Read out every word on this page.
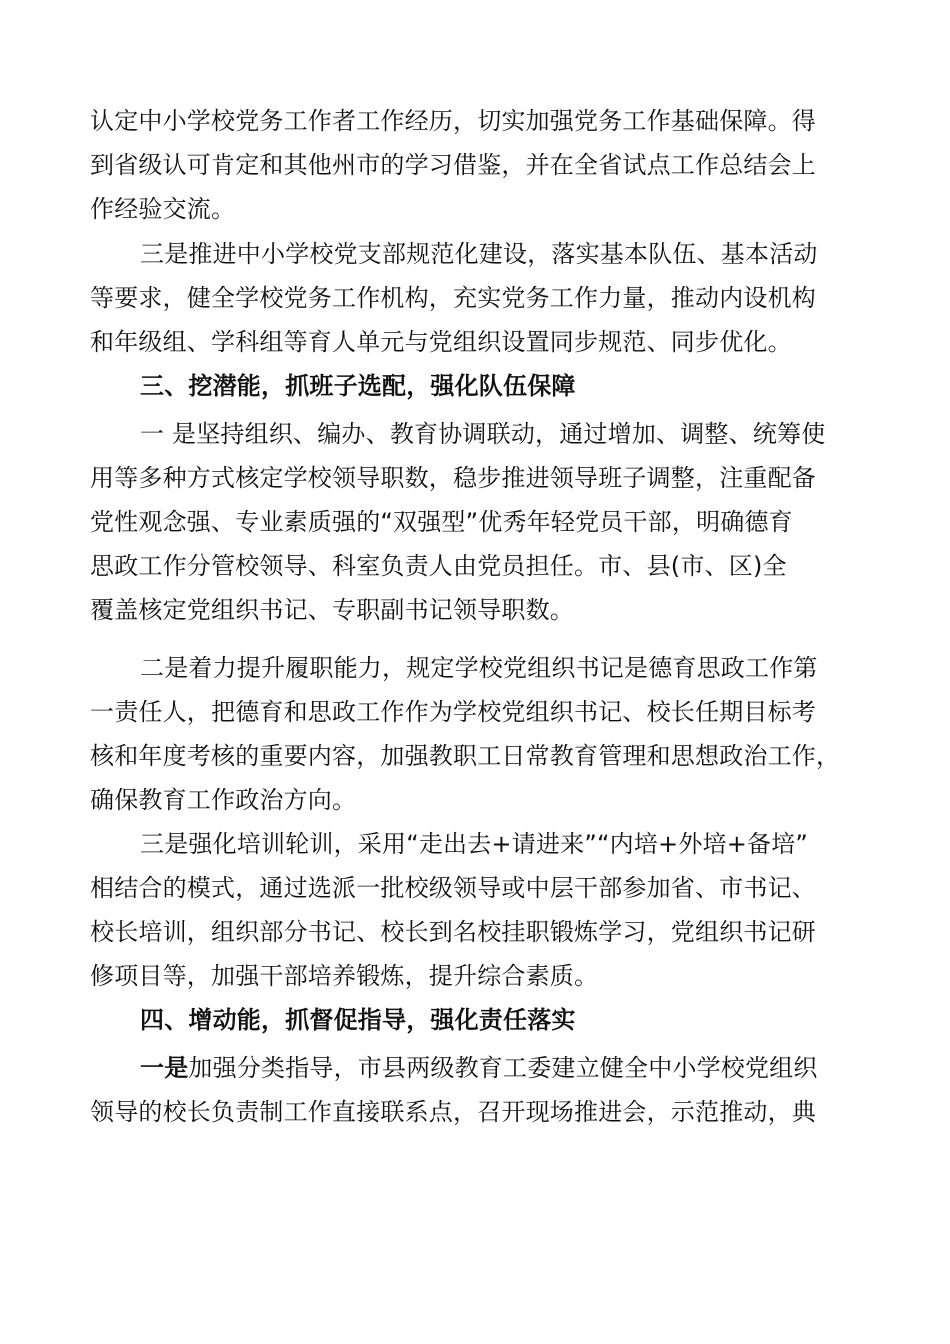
认定中小学校党务工作者工作经历，切实加强党务工作基础保障。得
到省级认可肯定和其他州市的学习借鉴，并在全省试点工作总结会上
作经验交流。
三是推进中小学校党支部规范化建设，落实基本队伍、基本活动
等要求，健全学校党务工作机构，充实党务工作力量，推动内设机构
和年级组、学科组等育人单元与党组织设置同步规范、同步优化。
三、挖潜能，抓班子选配，强化队伍保障
一 是坚持组织、编办、教育协调联动，通过增加、调整、统筹使
用等多种方式核定学校领导职数，稳步推进领导班子调整，注重配备
党性观念强、专业素质强的“双强型”优秀年轻党员干部，明确德育
思政工作分管校领导、科室负责人由党员担任。市、县(市、区)全
覆盖核定党组织书记、专职副书记领导职数。
二是着力提升履职能力，规定学校党组织书记是德育思政工作第
一责任人，把德育和思政工作作为学校党组织书记、校长任期目标考
核和年度考核的重要内容，加强教职工日常教育管理和思想政治工作，
确保教育工作政治方向。
三是强化培训轮训，采用“走出去+请进来”“内培+外培+备培”
相结合的模式，通过选派一批校级领导或中层干部参加省、市书记、
校长培训，组织部分书记、校长到名校挂职锻炼学习，党组织书记研
修项目等，加强干部培养锻炼，提升综合素质。
四、增动能，抓督促指导，强化责任落实
一是加强分类指导，市县两级教育工委建立健全中小学校党组织
领导的校长负责制工作直接联系点，召开现场推进会，示范推动，典
